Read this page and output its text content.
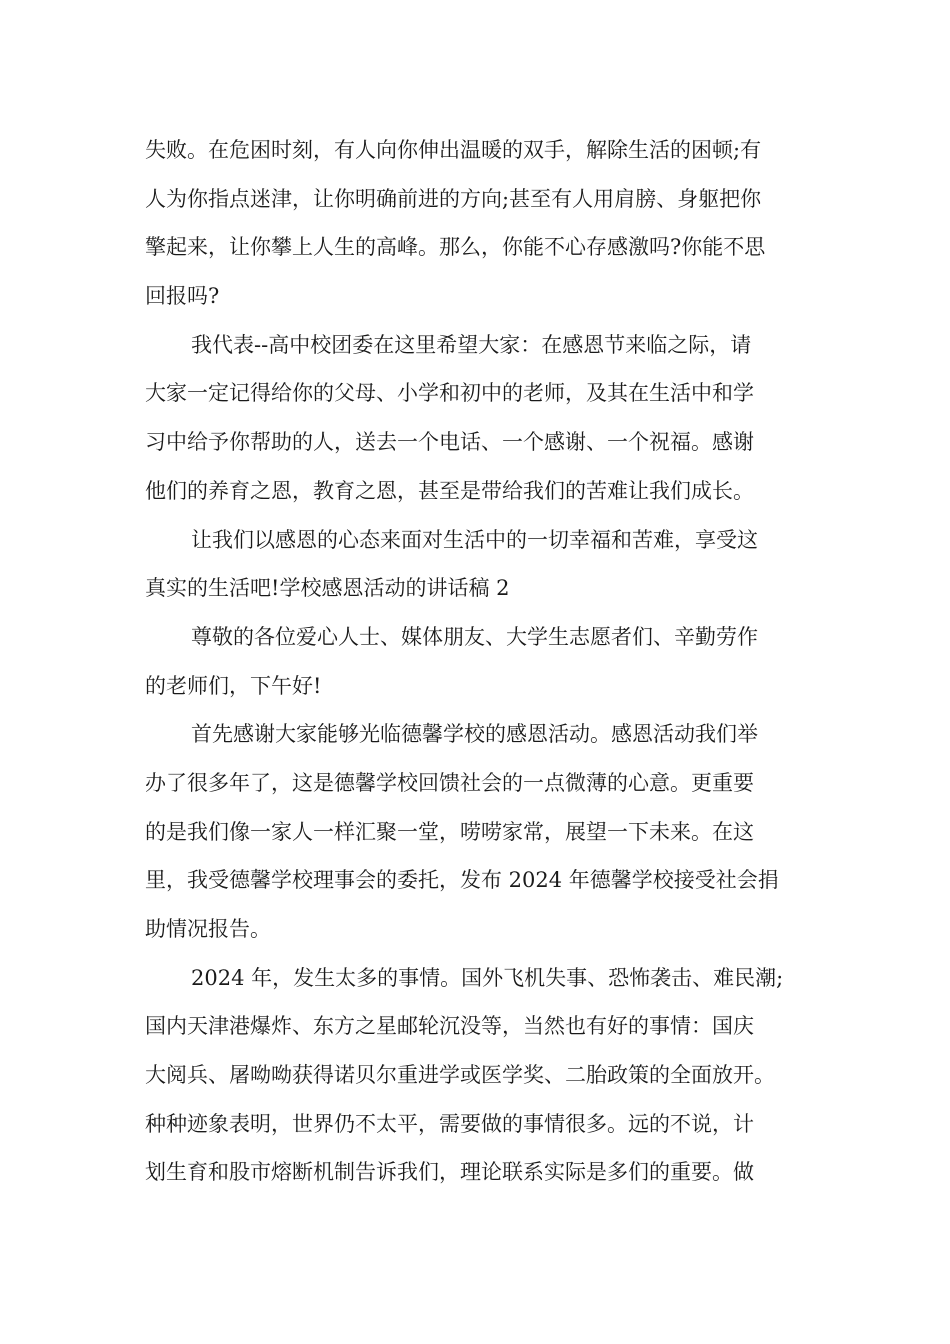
失败。在危困时刻，有人向你伸出温暖的双手，解除生活的困顿;有
人为你指点迷津，让你明确前进的方向;甚至有人用肩膀、身躯把你
擎起来，让你攀上人生的高峰。那么，你能不心存感激吗?你能不思
回报吗?
我代表--高中校团委在这里希望大家：在感恩节来临之际，请
大家一定记得给你的父母、小学和初中的老师，及其在生活中和学
习中给予你帮助的人，送去一个电话、一个感谢、一个祝福。感谢
他们的养育之恩，教育之恩，甚至是带给我们的苦难让我们成长。
让我们以感恩的心态来面对生活中的一切幸福和苦难，享受这
真实的生活吧!学校感恩活动的讲话稿 2
尊敬的各位爱心人士、媒体朋友、大学生志愿者们、辛勤劳作
的老师们，下午好!
首先感谢大家能够光临德馨学校的感恩活动。感恩活动我们举
办了很多年了，这是德馨学校回馈社会的一点微薄的心意。更重要
的是我们像一家人一样汇聚一堂，唠唠家常，展望一下未来。在这
里，我受德馨学校理事会的委托，发布 2024 年德馨学校接受社会捐
助情况报告。
2024 年，发生太多的事情。国外飞机失事、恐怖袭击、难民潮;
国内天津港爆炸、东方之星邮轮沉没等，当然也有好的事情：国庆
大阅兵、屠呦呦获得诺贝尔重进学或医学奖、二胎政策的全面放开。
种种迹象表明，世界仍不太平，需要做的事情很多。远的不说，计
划生育和股市熔断机制告诉我们，理论联系实际是多们的重要。做
